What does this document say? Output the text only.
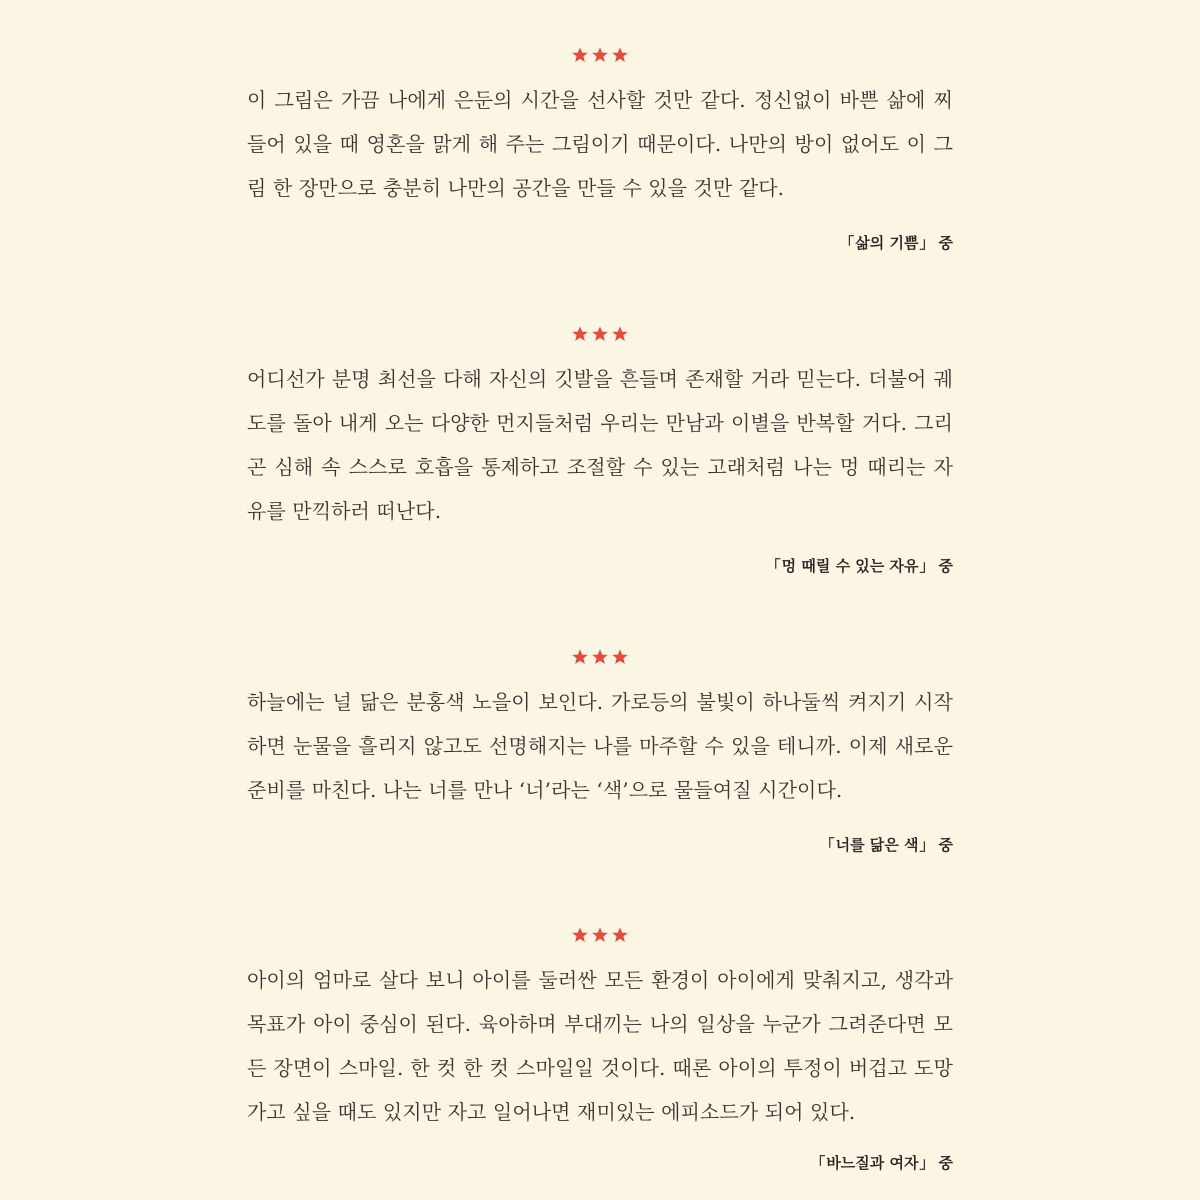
이 그림은 가끔 나에게 은둔의 시간을 선사할 것만 같다. 정신없이 바쁜 삶에 찌
들어 있을 때 영혼을 맑게 해 주는 그림이기 때문이다. 나만의 방이 없어도 이 그
림 한 장만으로 충분히 나만의 공간을 만들 수 있을 것만 같다.
「삶의 기쁨」 중
어디선가 분명 최선을 다해 자신의 깃발을 흔들며 존재할 거라 믿는다. 더불어 궤
도를 돌아 내게 오는 다양한 먼지들처럼 우리는 만남과 이별을 반복할 거다. 그리
곤 심해 속 스스로 호흡을 통제하고 조절할 수 있는 고래처럼 나는 멍 때리는 자
유를 만끽하러 떠난다.
「멍 때릴 수 있는 자유」 중
하늘에는 널 닮은 분홍색 노을이 보인다. 가로등의 불빛이 하나둘씩 켜지기 시작
하면 눈물을 흘리지 않고도 선명해지는 나를 마주할 수 있을 테니까. 이제 새로운
준비를 마친다. 나는 너를 만나 ‘너’라는 ‘색’으로 물들여질 시간이다.
「너를 닮은 색」 중
아이의 엄마로 살다 보니 아이를 둘러싼 모든 환경이 아이에게 맞춰지고, 생각과
목표가 아이 중심이 된다. 육아하며 부대끼는 나의 일상을 누군가 그려준다면 모
든 장면이 스마일. 한 컷 한 컷 스마일일 것이다. 때론 아이의 투정이 버겁고 도망
가고 싶을 때도 있지만 자고 일어나면 재미있는 에피소드가 되어 있다.
「바느질과 여자」 중
